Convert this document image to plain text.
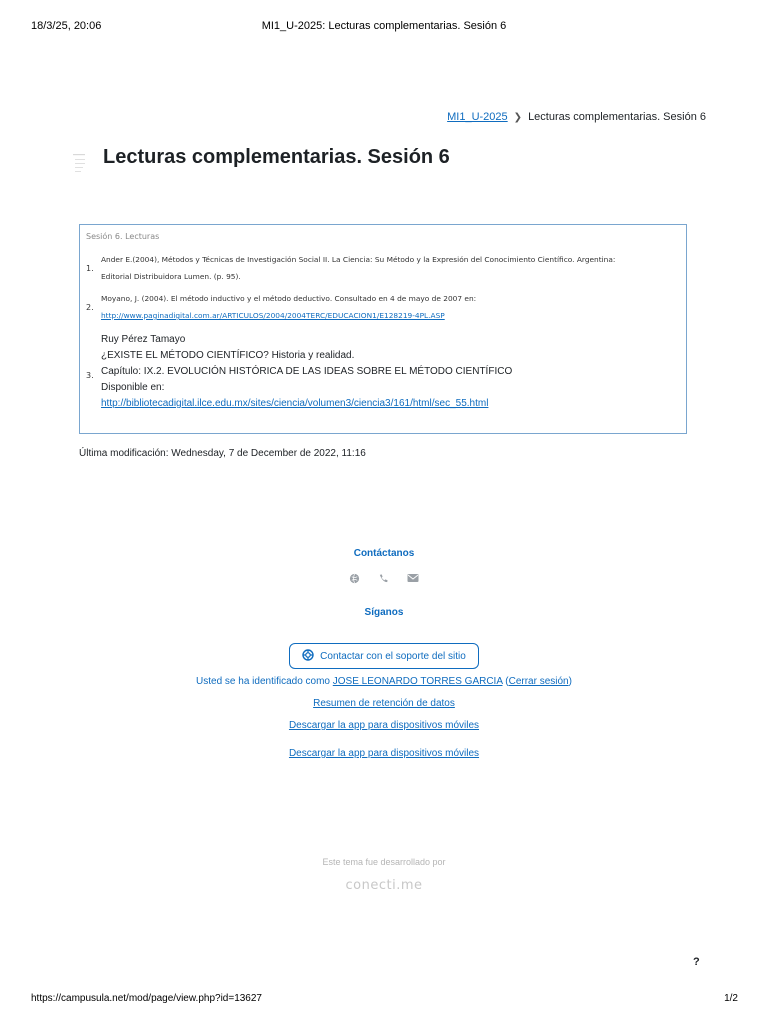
18/3/25, 20:06	MI1_U-2025: Lecturas complementarias. Sesión 6
MI1_U-2025 ❯ Lecturas complementarias. Sesión 6
Lecturas complementarias. Sesión 6
Sesión 6. Lecturas
1.
Ander E.(2004), Métodos y Técnicas de Investigación Social II. La Ciencia: Su Método y la Expresión del Conocimiento Científico. Argentina:
Editorial Distribuidora Lumen. (p. 95).
2.
Moyano, J. (2004). El método inductivo y el método deductivo. Consultado en 4 de mayo de 2007 en:
http://www.paginadigital.com.ar/ARTICULOS/2004/2004TERC/EDUCACION1/E128219-4PL.ASP
3.
Ruy Pérez Tamayo
¿EXISTE EL MÉTODO CIENTÍFICO? Historia y realidad.
Capítulo: IX.2. EVOLUCIÓN HISTÓRICA DE LAS IDEAS SOBRE EL MÉTODO CIENTÍFICO
Disponible en:
http://bibliotecadigital.ilce.edu.mx/sites/ciencia/volumen3/ciencia3/161/html/sec_55.html
Última modificación: Wednesday, 7 de December de 2022, 11:16
Contáctanos
Síganos
Contactar con el soporte del sitio
Usted se ha identificado como JOSE LEONARDO TORRES GARCIA (Cerrar sesión)
Resumen de retención de datos
Descargar la app para dispositivos móviles
Descargar la app para dispositivos móviles
Este tema fue desarrollado por
conecti.me
?
https://campusula.net/mod/page/view.php?id=13627	1/2
